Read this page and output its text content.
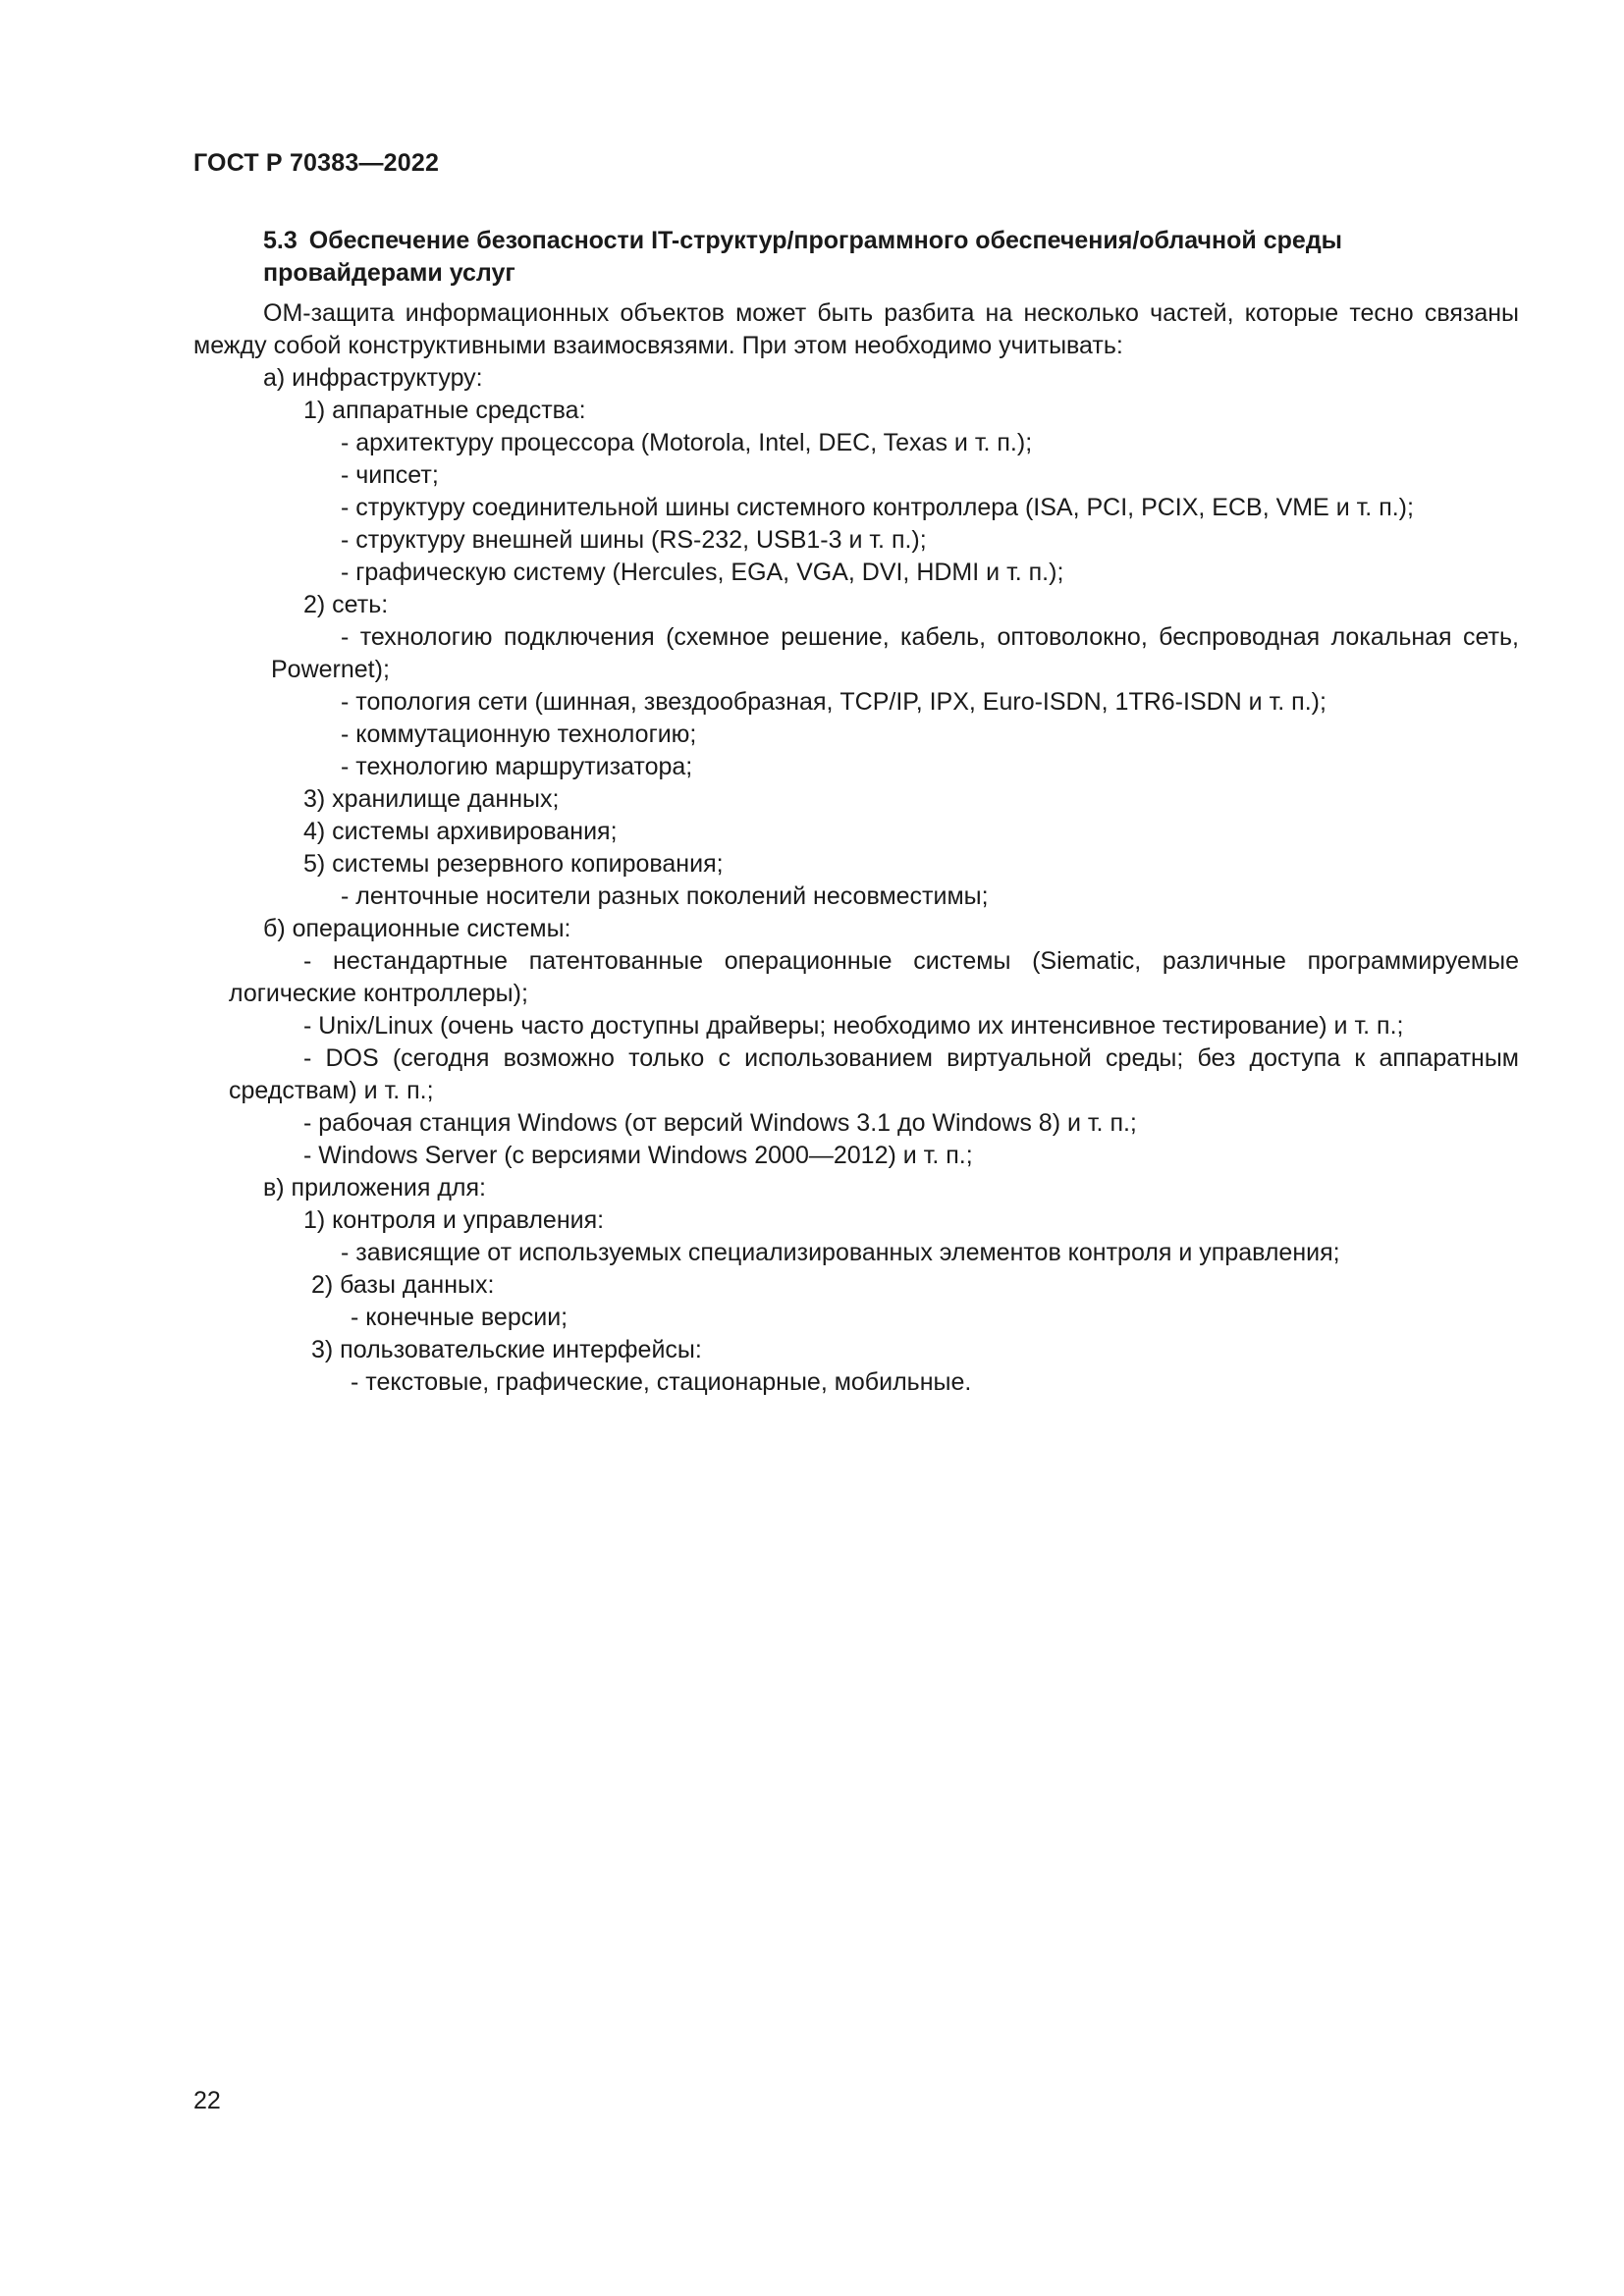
ГОСТ Р 70383—2022
5.3 Обеспечение безопасности IT-структур/программного обеспечения/облачной среды
провайдерами услуг

ОМ-защита информационных объектов может быть разбита на несколько частей, которые тесно связаны между собой конструктивными взаимосвязями. При этом необходимо учитывать:

а) инфраструктуру:

1) аппаратные средства:

- архитектуру процессора (Motorola, Intel, DEC, Texas и т. п.);

- чипсет;

- структуру соединительной шины системного контроллера (ISA, PCI, PCIX, ECB, VME и т. п.);

- структуру внешней шины (RS-232, USB1-3 и т. п.);

- графическую систему (Hercules, EGA, VGA, DVI, HDMI и т. п.);

2) сеть:

- технологию подключения (схемное решение, кабель, оптоволокно, беспроводная локальная сеть, Powernet);

- топология сети (шинная, звездообразная, TCP/IP, IPX, Euro-ISDN, 1TR6-ISDN и т. п.);

- коммутационную технологию;

- технологию маршрутизатора;

3) хранилище данных;

4) системы архивирования;

5) системы резервного копирования;

- ленточные носители разных поколений несовместимы;

б) операционные системы:

- нестандартные патентованные операционные системы (Siematic, различные программируемые логические контроллеры);

- Unix/Linux (очень часто доступны драйверы; необходимо их интенсивное тестирование) и т. п.;

- DOS (сегодня возможно только с использованием виртуальной среды; без доступа к аппаратным средствам) и т. п.;

- рабочая станция Windows (от версий Windows 3.1 до Windows 8) и т. п.;

- Windows Server (с версиями Windows 2000—2012) и т. п.;

в) приложения для:

1) контроля и управления:

- зависящие от используемых специализированных элементов контроля и управления;

2) базы данных:

- конечные версии;

3) пользовательские интерфейсы:

- текстовые, графические, стационарные, мобильные.

22
